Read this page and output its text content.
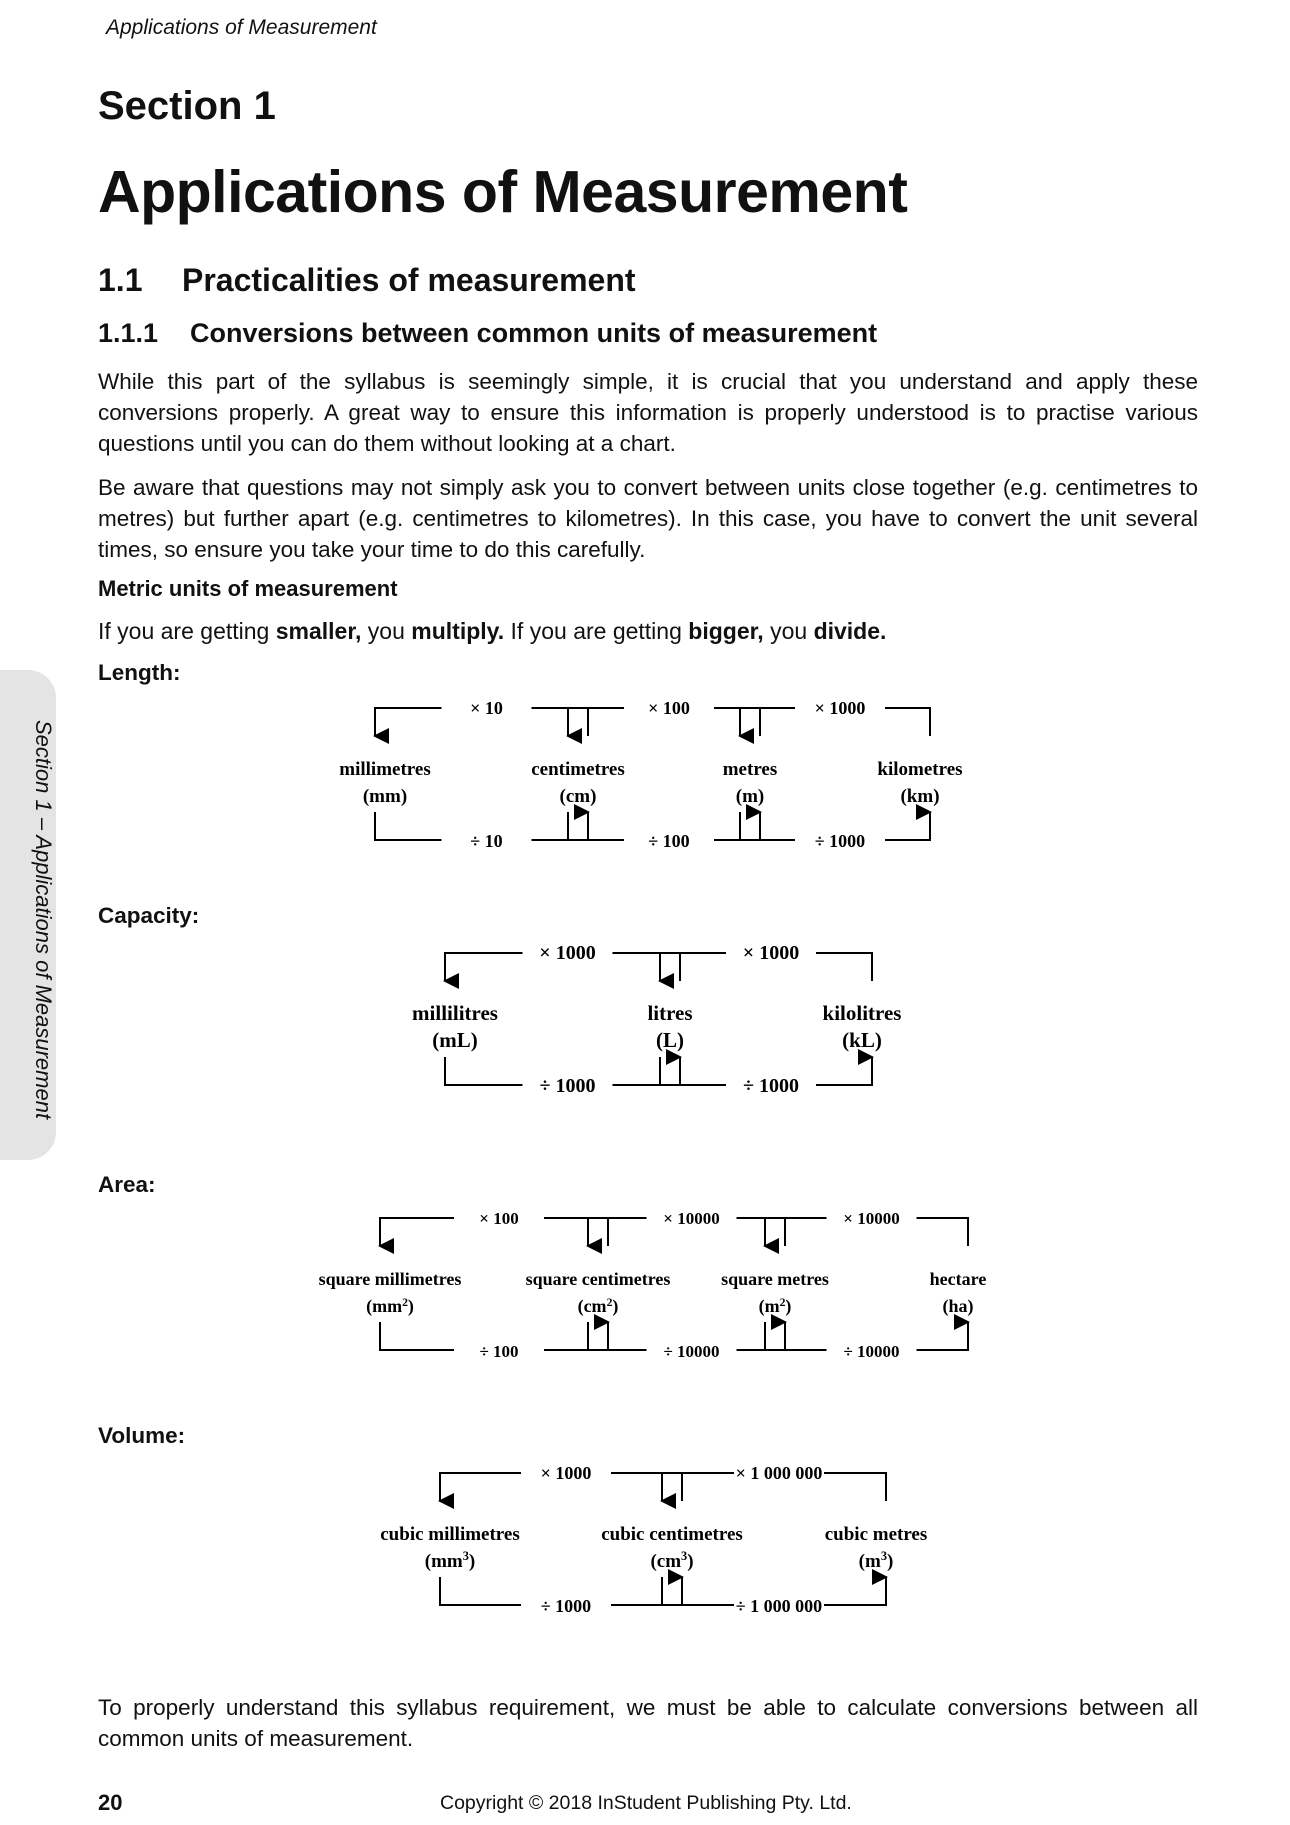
Applications of Measurement
Section 1
Applications of Measurement
1.1 Practicalities of measurement
1.1.1 Conversions between common units of measurement
While this part of the syllabus is seemingly simple, it is crucial that you understand and apply these conversions properly. A great way to ensure this information is properly understood is to practise various questions until you can do them without looking at a chart.
Be aware that questions may not simply ask you to convert between units close together (e.g. centimetres to metres) but further apart (e.g. centimetres to kilometres). In this case, you have to convert the unit several times, so ensure you take your time to do this carefully.
Metric units of measurement
If you are getting smaller, you multiply. If you are getting bigger, you divide.
Length:
millimetres
(mm)
centimetres
(cm)
metres
(m)
kilometres
(km)
× 10
÷ 10
× 100
÷ 100
× 1000
÷ 1000
Capacity:
millilitres
(mL)
litres
(L)
kilolitres
(kL)
× 1000
÷ 1000
× 1000
÷ 1000
Area:
square millimetres
$(mm^2)$
square centimetres
$(cm^2)$
square metres
$(m^2)$
hectare
(ha)
× 100
÷ 100
× 10000
÷ 10000
× 10000
÷ 10000
Volume:
cubic millimetres
$(mm^3)$
cubic centimetres
$(cm^3)$
cubic metres
$(m^3)$
× 1000
÷ 1000
× 1 000 000
÷ 1 000 000
To properly understand this syllabus requirement, we must be able to calculate conversions between all common units of measurement.
20	Copyright © 2018 InStudent Publishing Pty. Ltd.
Section 1 – Applications of Measurement
